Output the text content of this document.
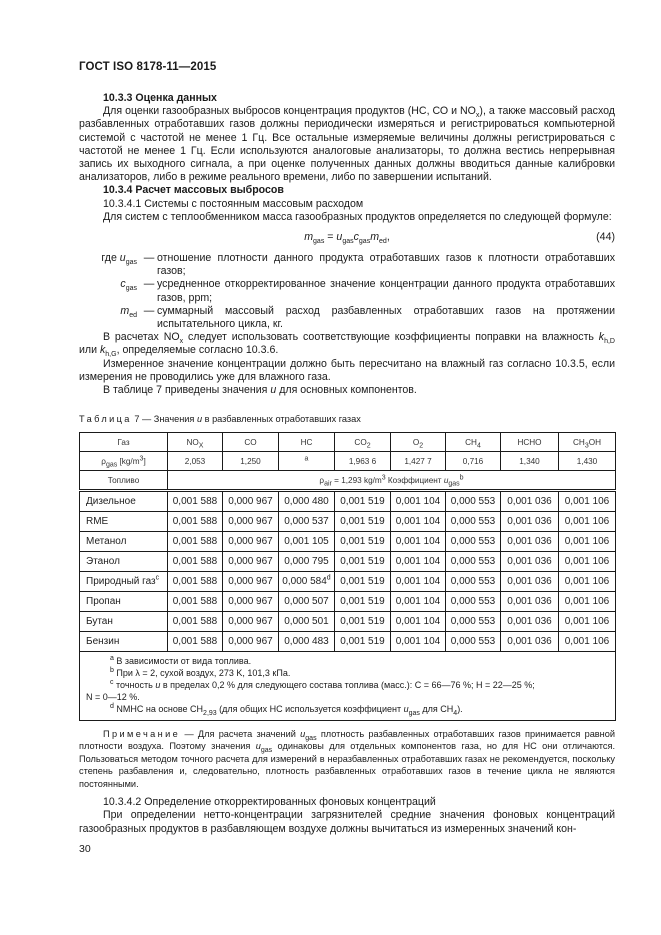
ГОСТ ISO 8178-11—2015

10.3.3 Оценка данных

Для оценки газообразных выбросов концентрация продуктов (НС, СО и $NO_x$), а также массовый расход разбавленных отработавших газов должны периодически измеряться и регистрироваться компьютерной системой с частотой не менее 1 Гц. Все остальные измеряемые величины должны регистрироваться с частотой не менее 1 Гц. Если используются аналоговые анализаторы, то должна вестись непрерывная запись их выходного сигнала, а при оценке полученных данных должны вводиться данные калибровки анализаторов, либо в режиме реального времени, либо по завершении испытаний.

10.3.4 Расчет массовых выбросов

10.3.4.1 Системы с постоянным массовым расходом

Для систем с теплообменником масса газообразных продуктов определяется по следующей формуле:

$m_{gas} = u_{gas}c_{gas}m_{ed}$,	(44)

где $u_{gas}$ — отношение плотности данного продукта отработавших газов к плотности отработавших газов;

$c_{gas}$ — усредненное откорректированное значение концентрации данного продукта отработавших газов, ppm;

$m_{ed}$ — суммарный массовый расход разбавленных отработавших газов на протяжении испытательного цикла, кг.

В расчетах $NO_x$ следует использовать соответствующие коэффициенты поправки на влажность $k_{h,D}$ или $k_{h,G}$, определяемые согласно 10.3.6.

Измеренное значение концентрации должно быть пересчитано на влажный газ согласно 10.3.5, если измерения не проводились уже для влажного газа.

В таблице 7 приведены значения u для основных компонентов.

Таблица 7 — Значения u в разбавленных отработавших газах
Газ	$NO_X$	CO	HC	$CO_2$	$O_2$	$CH_4$	HCHO	$CH_3OH$
$\rho_{gas}$ $[kg/m^3]$	2,053	1,250	$^a$	1,963 6	1,427 7	0,716	1,340	1,430
Топливо	$\rho_{air} = 1,293$ $kg/m^3$ Коэффициент $u_{gas}^b$
Дизельное	0,001 588	0,000 967	0,000 480	0,001 519	0,001 104	0,000 553	0,001 036	0,001 106
RME	0,001 588	0,000 967	0,000 537	0,001 519	0,001 104	0,000 553	0,001 036	0,001 106
Метанол	0,001 588	0,000 967	0,001 105	0,001 519	0,001 104	0,000 553	0,001 036	0,001 106
Этанол	0,001 588	0,000 967	0,000 795	0,001 519	0,001 104	0,000 553	0,001 036	0,001 106
Природный газ$^c$	0,001 588	0,000 967	0,000 584$^d$	0,001 519	0,001 104	0,000 553	0,001 036	0,001 106
Пропан	0,001 588	0,000 967	0,000 507	0,001 519	0,001 104	0,000 553	0,001 036	0,001 106
Бутан	0,001 588	0,000 967	0,000 501	0,001 519	0,001 104	0,000 553	0,001 036	0,001 106
Бензин	0,001 588	0,000 967	0,000 483	0,001 519	0,001 104	0,000 553	0,001 036	0,001 106

$^a$ В зависимости от вида топлива.

$^b$ При λ = 2, сухой воздух, 273 K, 101,3 кПа.

$^c$ точность u в пределах 0,2 % для следующего состава топлива (масс.): C = 66—76 %; H = 22—25 %;

N = 0—12 %.

$^d$ NMHC на основе $CH_{2,93}$ (для общих НС используется коэффициент $u_{gas}$ для $CH_4$).								

Примечание — Для расчета значений $u_{gas}$ плотность разбавленных отработавших газов принимается равной плотности воздуха. Поэтому значения $u_{gas}$ одинаковы для отдельных компонентов газа, но для НС они отличаются. Пользоваться методом точного расчета для измерений в неразбавленных отработавших газах не рекомендуется, поскольку степень разбавления и, следовательно, плотность разбавленных отработавших газов в течение цикла не являются постоянными.

10.3.4.2 Определение откорректированных фоновых концентраций

При определении нетто-концентрации загрязнителей средние значения фоновых концентраций газообразных продуктов в разбавляющем воздухе должны вычитаться из измеренных значений кон-

30
